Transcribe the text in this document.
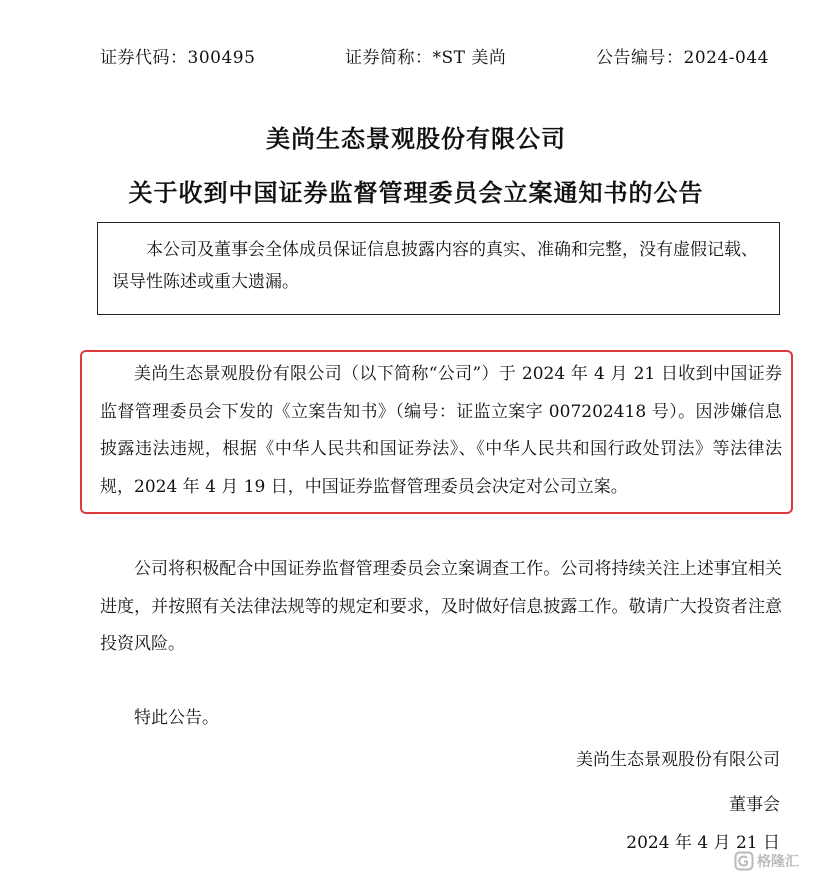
证券代码：300495	证券简称：*ST 美尚	公告编号：2024-044
美尚生态景观股份有限公司
关于收到中国证券监督管理委员会立案通知书的公告

本公司及董事会全体成员保证信息披露内容的真实、准确和完整，没有虚假记载、误导性陈述或重大遗漏。

美尚生态景观股份有限公司（以下简称“公司”）于 2024 年 4 月 21 日收到中国证券监督管理委员会下发的《立案告知书》（编号：证监立案字 007202418 号）。因涉嫌信息披露违法违规，根据《中华人民共和国证券法》、《中华人民共和国行政处罚法》等法律法规，2024 年 4 月 19 日，中国证券监督管理委员会决定对公司立案。

公司将积极配合中国证券监督管理委员会立案调查工作。公司将持续关注上述事宜相关进度，并按照有关法律法规等的规定和要求，及时做好信息披露工作。敬请广大投资者注意投资风险。

特此公告。
美尚生态景观股份有限公司
董事会
2024 年 4 月 21 日
格隆汇
